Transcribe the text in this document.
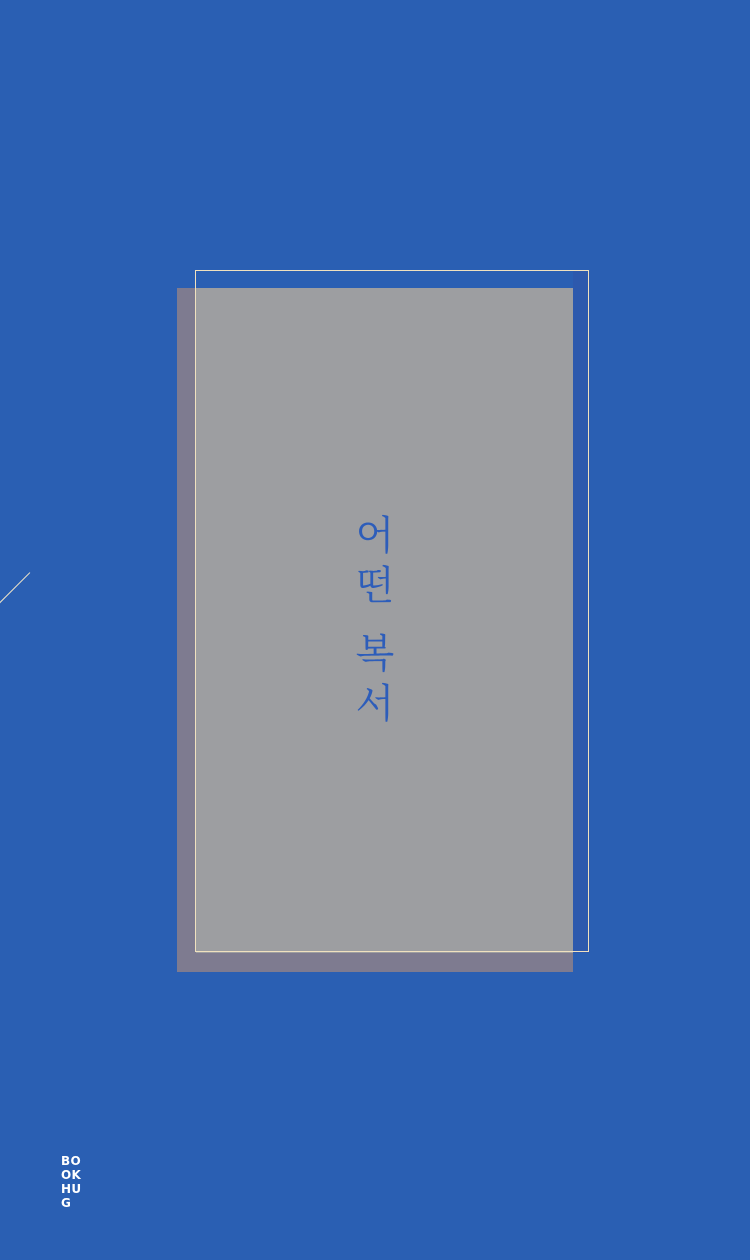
어
떤
복
서
BO
OK
HU
G
